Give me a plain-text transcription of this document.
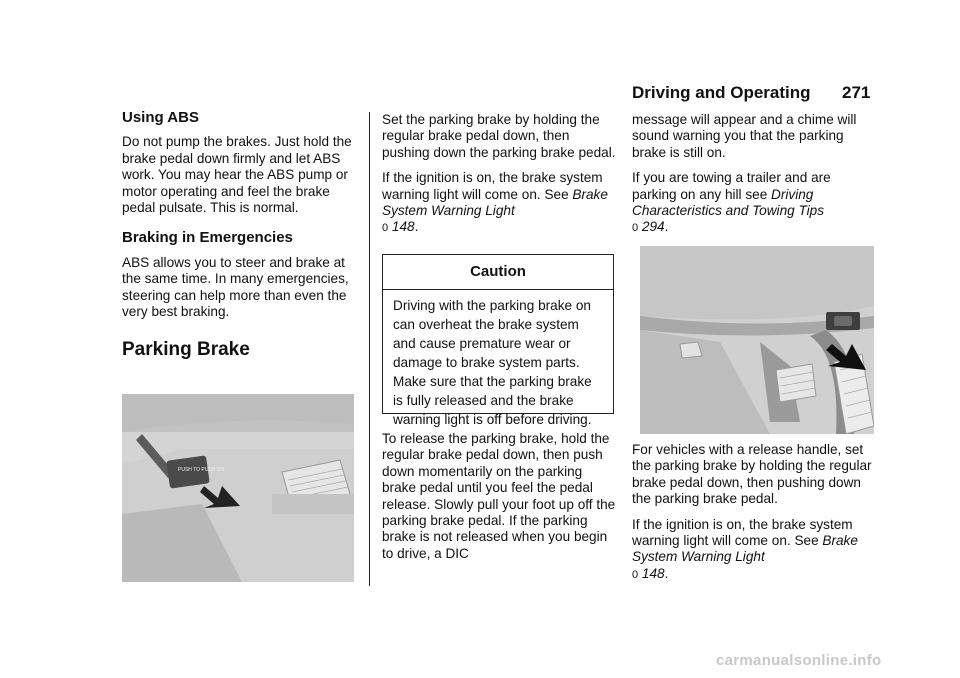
Driving and Operating 271
Using ABS

Do not pump the brakes. Just hold the brake pedal down firmly and let ABS work. You may hear the ABS pump or motor operating and feel the brake pedal pulsate. This is normal.

Braking in Emergencies

ABS allows you to steer and brake at the same time. In many emergencies, steering can help more than even the very best braking.

Parking Brake
PUSH TO PUSH ON

Set the parking brake by holding the regular brake pedal down, then pushing down the parking brake pedal.

If the ignition is on, the brake system warning light will come on. See Brake System Warning Light
0 148.

Caution
Driving with the parking brake on can overheat the brake system and cause premature wear or damage to brake system parts. Make sure that the parking brake is fully released and the brake warning light is off before driving.

To release the parking brake, hold the regular brake pedal down, then push down momentarily on the parking brake pedal until you feel the pedal release. Slowly pull your foot up off the parking brake pedal. If the parking brake is not released when you begin to drive, a DIC

message will appear and a chime will sound warning you that the parking brake is still on.

If you are towing a trailer and are parking on any hill see Driving Characteristics and Towing Tips
0 294.

For vehicles with a release handle, set the parking brake by holding the regular brake pedal down, then pushing down the parking brake pedal.

If the ignition is on, the brake system warning light will come on. See Brake System Warning Light
0 148.

carmanualsonline.info
